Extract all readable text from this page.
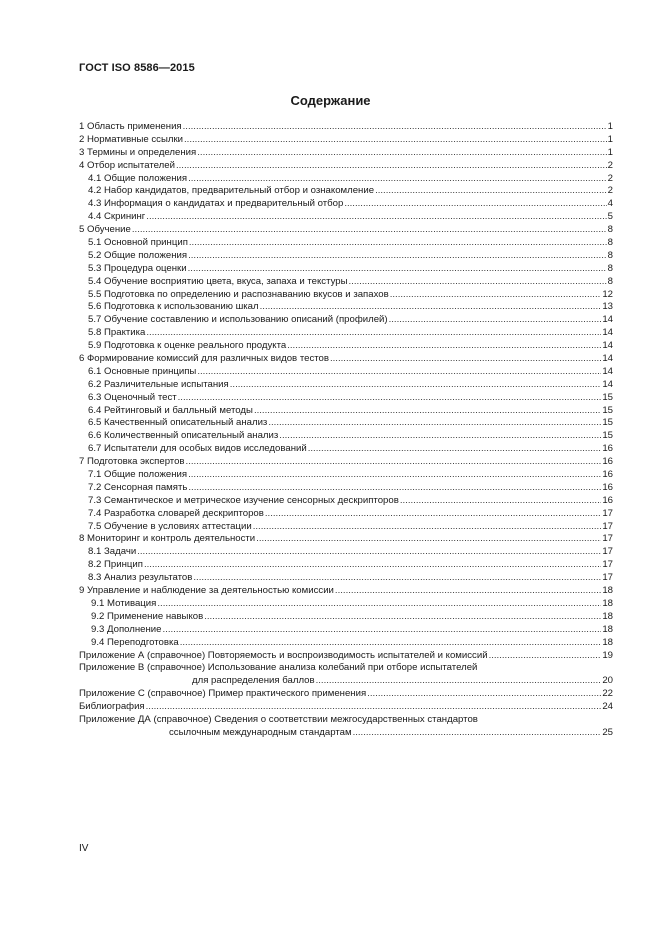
ГОСТ ISO 8586—2015
Содержание
1 Область применения .....	1
2 Нормативные ссылки .....	1
3 Термины и определения .....	1
4 Отбор испытателей .....	2
4.1 Общие положения .....	2
4.2 Набор кандидатов, предварительный отбор и ознакомление .....	2
4.3 Информация о кандидатах и предварительный отбор .....	4
4.4 Скрининг .....	5
5 Обучение .....	8
5.1 Основной принцип .....	8
5.2 Общие положения .....	8
5.3 Процедура оценки .....	8
5.4 Обучение восприятию цвета, вкуса, запаха и текстуры .....	8
5.5 Подготовка по определению и распознаванию вкусов и запахов .....	12
5.6 Подготовка к использованию шкал .....	13
5.7 Обучение составлению и использованию описаний (профилей) .....	14
5.8 Практика .....	14
5.9 Подготовка к оценке реального продукта .....	14
6 Формирование комиссий для различных видов тестов .....	14
6.1 Основные принципы .....	14
6.2 Различительные испытания .....	14
6.3 Оценочный тест .....	15
6.4 Рейтинговый и балльный методы .....	15
6.5 Качественный описательный анализ .....	15
6.6 Количественный описательный анализ .....	15
6.7 Испытатели для особых видов исследований .....	16
7 Подготовка экспертов .....	16
7.1 Общие положения .....	16
7.2 Сенсорная память .....	16
7.3 Семантическое и метрическое изучение сенсорных дескрипторов .....	16
7.4 Разработка словарей дескрипторов .....	17
7.5 Обучение в условиях аттестации .....	17
8 Мониторинг и контроль деятельности .....	17
8.1 Задачи .....	17
8.2 Принцип .....	17
8.3 Анализ результатов .....	17
9 Управление и наблюдение за деятельностью комиссии .....	18
9.1 Мотивация .....	18
9.2 Применение навыков .....	18
9.3 Дополнение .....	18
9.4 Переподготовка .....	18
Приложение А (справочное) Повторяемость и воспроизводимость испытателей и комиссий .....	19
Приложение В (справочное) Использование анализа колебаний при отборе испытателей
для распределения баллов .....	20
Приложение С (справочное) Пример практического применения .....	22
Библиография .....	24
Приложение ДА (справочное) Сведения о соответствии межгосударственных стандартов
ссылочным международным стандартам .....	25
IV
